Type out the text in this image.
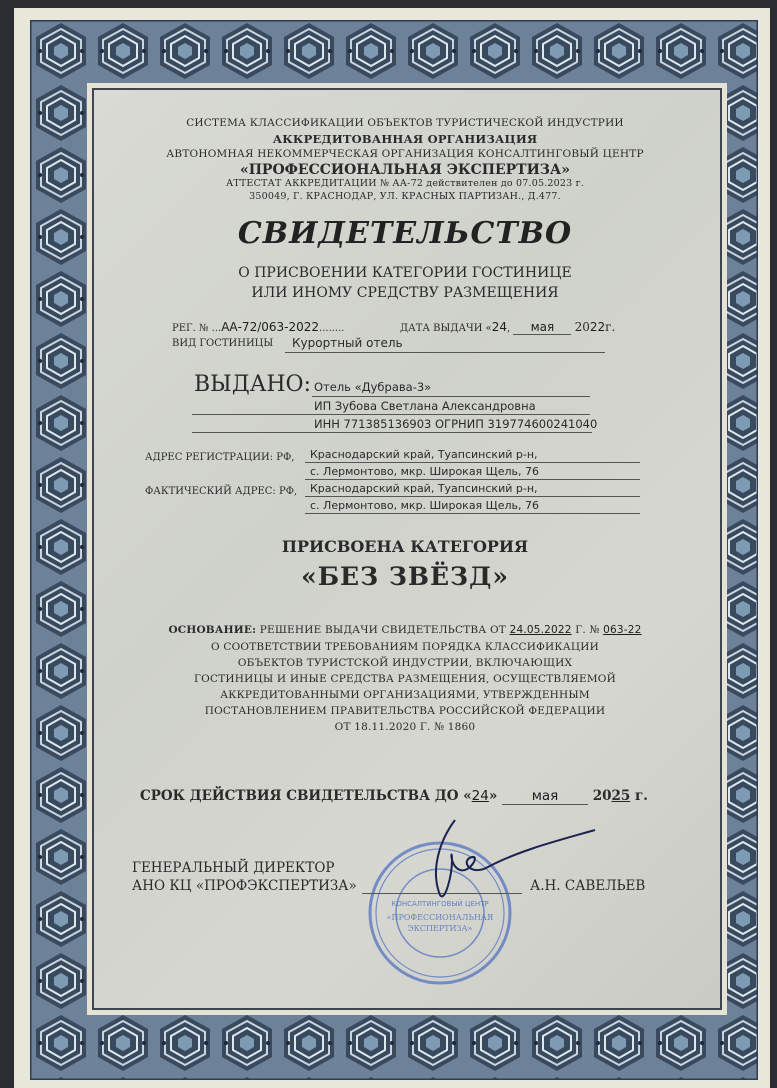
СИСТЕМА КЛАССИФИКАЦИИ ОБЪЕКТОВ ТУРИСТИЧЕСКОЙ ИНДУСТРИИ
АККРЕДИТОВАННАЯ ОРГАНИЗАЦИЯ
АВТОНОМНАЯ НЕКОММЕРЧЕСКАЯ ОРГАНИЗАЦИЯ КОНСАЛТИНГОВЫЙ ЦЕНТР
«ПРОФЕССИОНАЛЬНАЯ ЭКСПЕРТИЗА»
АТТЕСТАТ АККРЕДИТАЦИИ № АА-72 действителен до 07.05.2023 г.
350049, Г. КРАСНОДАР, УЛ. КРАСНЫХ ПАРТИЗАН., Д.477.
СВИДЕТЕЛЬСТВО
О ПРИСВОЕНИИ КАТЕГОРИИ ГОСТИНИЦЕ
ИЛИ ИНОМУ СРЕДСТВУ РАЗМЕЩЕНИЯ
РЕГ. № ...АА-72/063-2022........	ДАТА ВЫДАЧИ «24, мая 2022г.
ВИД ГОСТИНИЦЫ Курортный отель
ВЫДАНО: Отель «Дубрава-3»
ИП Зубова Светлана Александровна
ИНН 771385136903 ОГРНИП 319774600241040
АДРЕС РЕГИСТРАЦИИ: РФ, Краснодарский край, Туапсинский р-н,
с. Лермонтово, мкр. Широкая Щель, 76
ФАКТИЧЕСКИЙ АДРЕС: РФ, Краснодарский край, Туапсинский р-н,
с. Лермонтово, мкр. Широкая Щель, 76
ПРИСВОЕНА КАТЕГОРИЯ
«БЕЗ ЗВЁЗД»
ОСНОВАНИЕ: РЕШЕНИЕ ВЫДАЧИ СВИДЕТЕЛЬСТВА ОТ 24.05.2022 Г. № 063-22
О СООТВЕТСТВИИ ТРЕБОВАНИЯМ ПОРЯДКА КЛАССИФИКАЦИИ
ОБЪЕКТОВ ТУРИСТСКОЙ ИНДУСТРИИ, ВКЛЮЧАЮЩИХ
ГОСТИНИЦЫ И ИНЫЕ СРЕДСТВА РАЗМЕЩЕНИЯ, ОСУЩЕСТВЛЯЕМОЙ
АККРЕДИТОВАННЫМИ ОРГАНИЗАЦИЯМИ, УТВЕРЖДЕННЫМ
ПОСТАНОВЛЕНИЕМ ПРАВИТЕЛЬСТВА РОССИЙСКОЙ ФЕДЕРАЦИИ
ОТ 18.11.2020 Г. № 1860
СРОК ДЕЙСТВИЯ СВИДЕТЕЛЬСТВА ДО «24»	мая	2025 г.
КОНСАЛТИНГОВЫЙ ЦЕНТР
«ПРОФЕССИОНАЛЬНАЯ
ЭКСПЕРТИЗА»
ГЕНЕРАЛЬНЫЙ ДИРЕКТОР
АНО КЦ «ПРОФЭКСПЕРТИЗА»	А.Н. САВЕЛЬЕВ
